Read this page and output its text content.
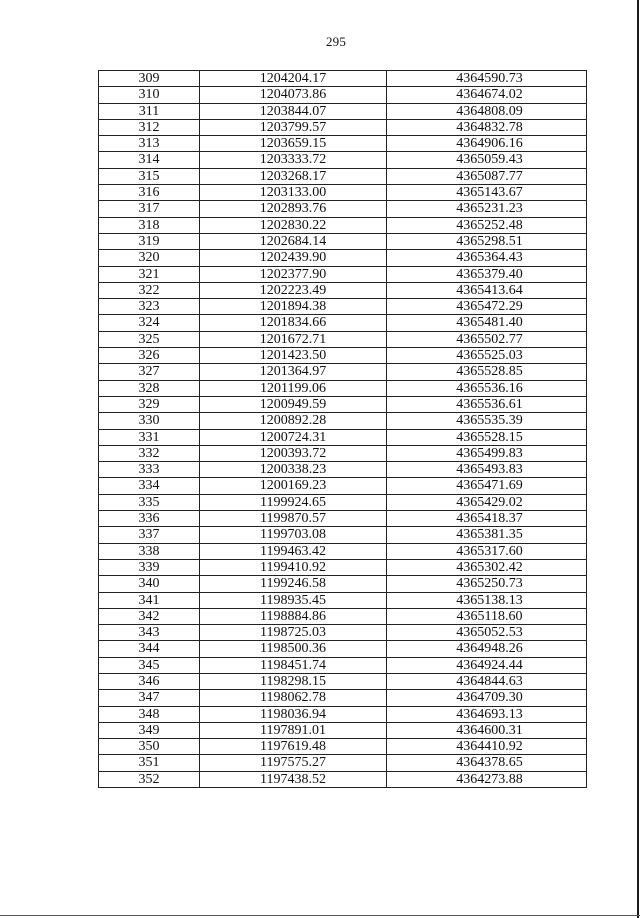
295
309	1204204.17	4364590.73
310	1204073.86	4364674.02
311	1203844.07	4364808.09
312	1203799.57	4364832.78
313	1203659.15	4364906.16
314	1203333.72	4365059.43
315	1203268.17	4365087.77
316	1203133.00	4365143.67
317	1202893.76	4365231.23
318	1202830.22	4365252.48
319	1202684.14	4365298.51
320	1202439.90	4365364.43
321	1202377.90	4365379.40
322	1202223.49	4365413.64
323	1201894.38	4365472.29
324	1201834.66	4365481.40
325	1201672.71	4365502.77
326	1201423.50	4365525.03
327	1201364.97	4365528.85
328	1201199.06	4365536.16
329	1200949.59	4365536.61
330	1200892.28	4365535.39
331	1200724.31	4365528.15
332	1200393.72	4365499.83
333	1200338.23	4365493.83
334	1200169.23	4365471.69
335	1199924.65	4365429.02
336	1199870.57	4365418.37
337	1199703.08	4365381.35
338	1199463.42	4365317.60
339	1199410.92	4365302.42
340	1199246.58	4365250.73
341	1198935.45	4365138.13
342	1198884.86	4365118.60
343	1198725.03	4365052.53
344	1198500.36	4364948.26
345	1198451.74	4364924.44
346	1198298.15	4364844.63
347	1198062.78	4364709.30
348	1198036.94	4364693.13
349	1197891.01	4364600.31
350	1197619.48	4364410.92
351	1197575.27	4364378.65
352	1197438.52	4364273.88
